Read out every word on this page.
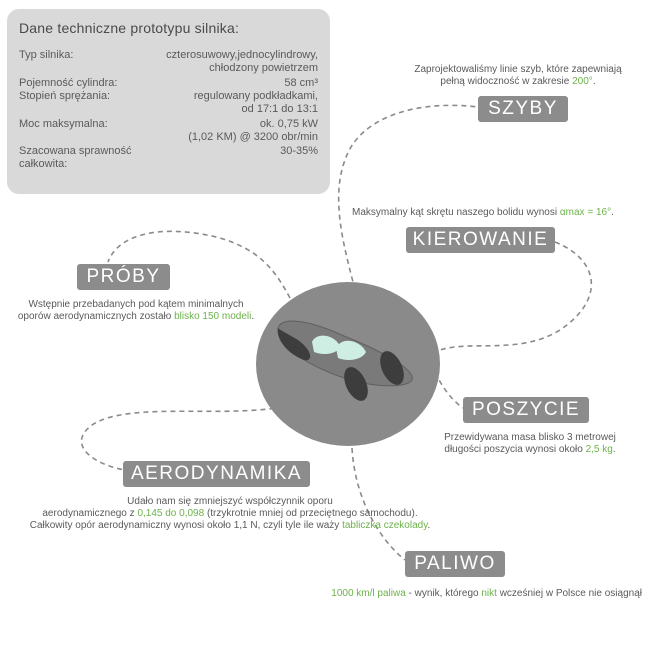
Dane techniczne prototypu silnika:
Typ silnika:	czterosuwowy,jednocylindrowy,
chłodzony powietrzem
Pojemność cylindra:	58 cm³
Stopień sprężania:	regulowany podkładkami,
od 17:1 do 13:1
Moc maksymalna:	ok. 0,75 kW
(1,02 KM) @ 3200 obr/min
Szacowana sprawność
całkowita:
30-35%
Zaprojektowaliśmy linie szyb, które zapewniają
pełną widoczność w zakresie 200°.
SZYBY
Maksymalny kąt skrętu naszego bolidu wynosi αmax = 16°.
KIEROWANIE
PRÓBY
Wstępnie przebadanych pod kątem minimalnych
oporów aerodynamicznych zostało blisko 150 modeli.
POSZYCIE
Przewidywana masa blisko 3 metrowej
długości poszycia wynosi około 2,5 kg.
AERODYNAMIKA
Udało nam się zmniejszyć współczynnik oporu
aerodynamicznego z 0,145 do 0,098 (trzykrotnie mniej od przeciętnego samochodu).
Całkowity opór aerodynamiczny wynosi około 1,1 N, czyli tyle ile waży tabliczka czekolady.
PALIWO
1000 km/l paliwa - wynik, którego nikt wcześniej w Polsce nie osiągnął
